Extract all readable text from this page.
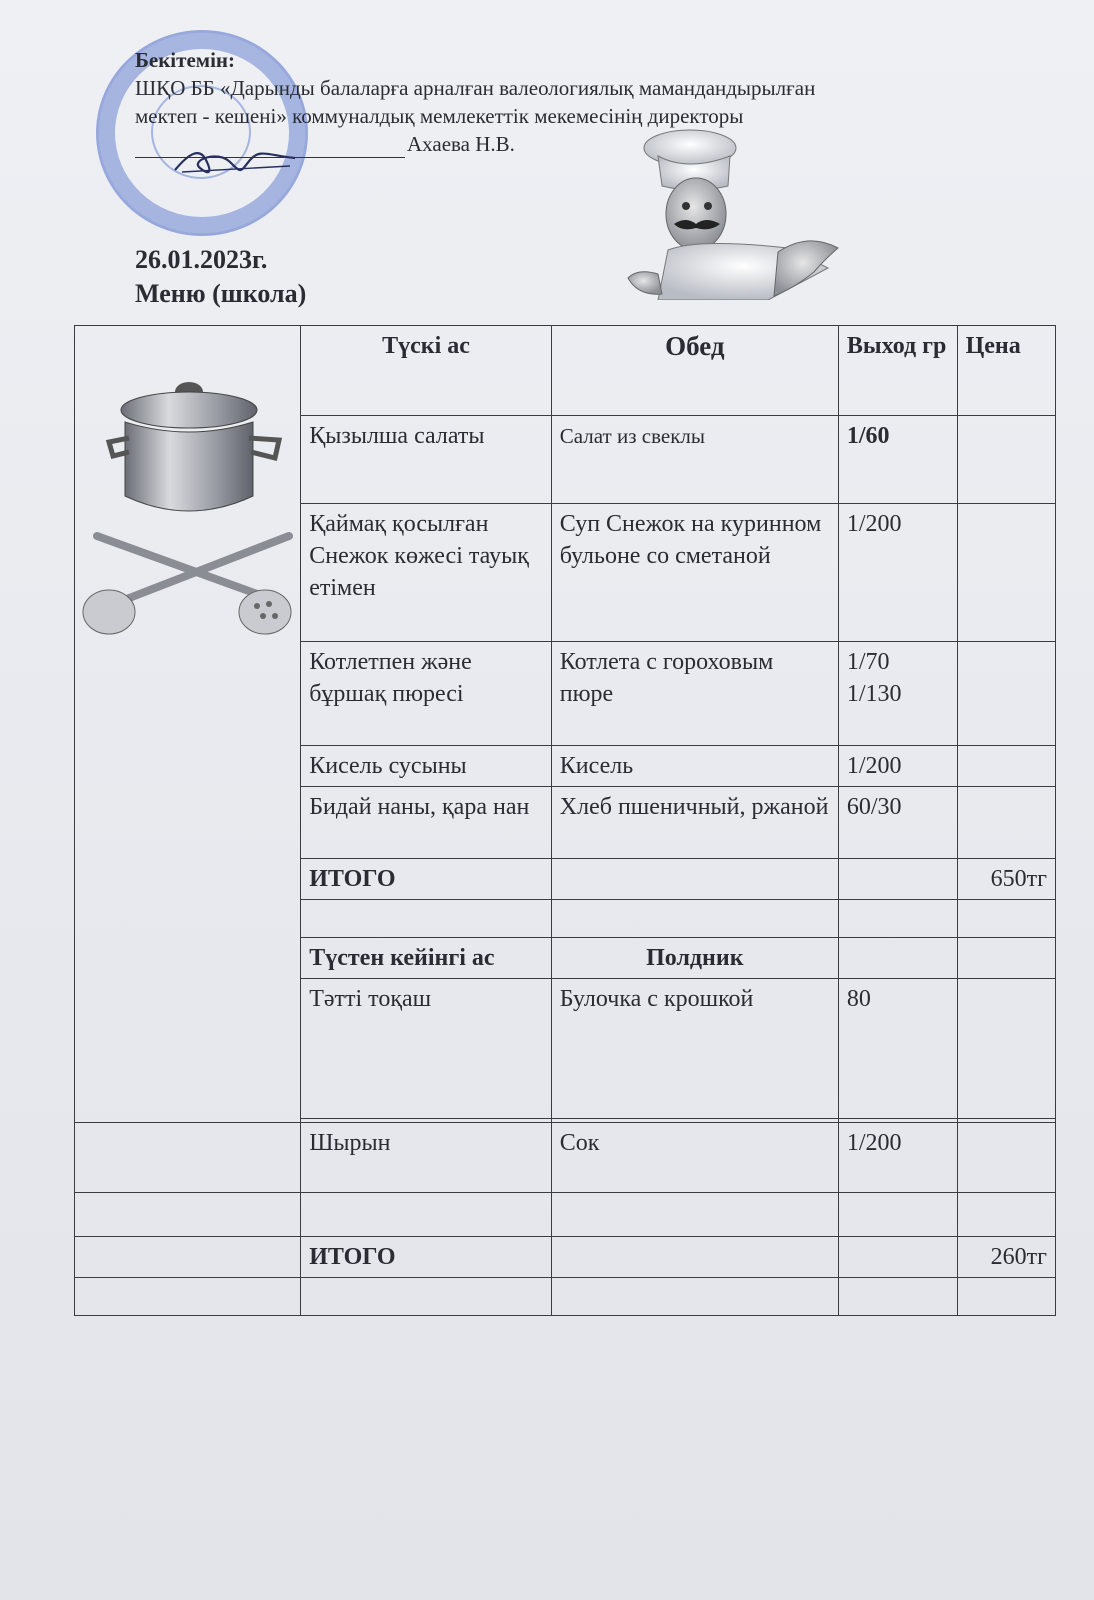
Бекітемін:
ШҚО ББ «Дарынды балаларға арналған валеологиялық мамандандырылған
мектеп - кешені» коммуналдық мемлекеттік мекемесінің директоры
Ахаева Н.В.
26.01.2023г.
Меню (школа)
	Түскі ас	Обед	Выход гр	Цена
	Қызылша салаты	Салат из свеклы	1/60	
	Қаймақ қосылған Снежок көжесі тауық етімен	Суп Снежок на куринном бульоне со сметаной	1/200	
	Котлетпен және бұршақ пюресі	Котлета с гороховым пюре	1/70 1/130	
	Кисель сусыны	Кисель	1/200	
	Бидай наны, қара нан	Хлеб пшеничный, ржаной	60/30	
	ИТОГО			650тг

	Түстен кейінгі ас	Полдник		
	Тәтті тоқаш	Булочка с крошкой	80	

	Шырын	Сок	1/200	

	ИТОГО			260тг
